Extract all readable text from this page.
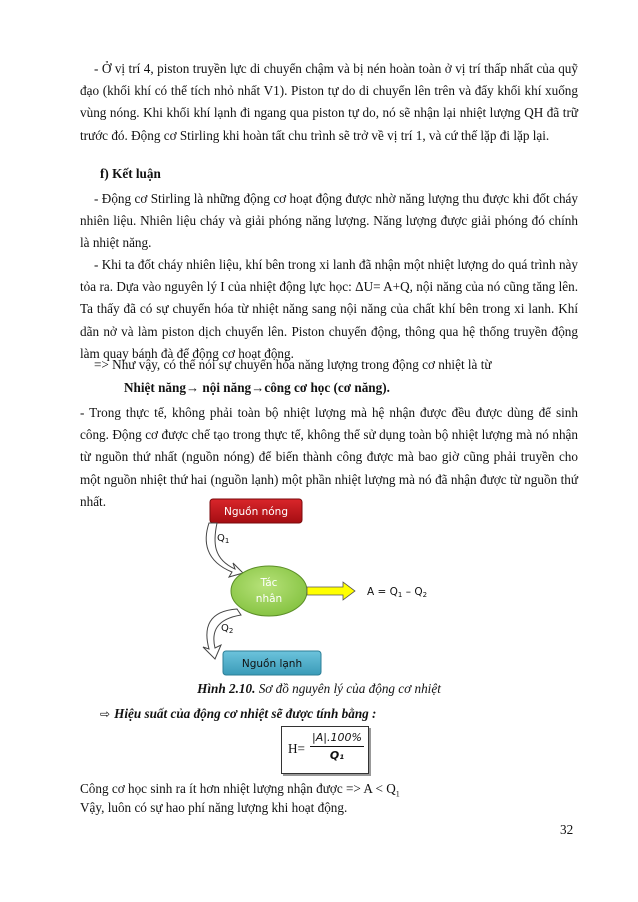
- Ở vị trí 4, piston truyền lực di chuyển chậm và bị nén hoàn toàn ở vị trí thấp nhất của quỹ đạo (khối khí có thể tích nhỏ nhất V1). Piston tự do di chuyển lên trên và đẩy khối khí xuống vùng nóng. Khi khối khí lạnh đi ngang qua piston tự do, nó sẽ nhận lại nhiệt lượng QH đã trữ trước đó. Động cơ Stirling khi hoàn tất chu trình sẽ trở về vị trí 1, và cứ thế lặp đi lặp lại.

f) Kết luận

- Động cơ Stirling là những động cơ hoạt động được nhờ năng lượng thu được khi đốt cháy nhiên liệu. Nhiên liệu cháy và giải phóng năng lượng. Năng lượng được giải phóng đó chính là nhiệt năng.

- Khi ta đốt cháy nhiên liệu, khí bên trong xi lanh đã nhận một nhiệt lượng do quá trình này tỏa ra. Dựa vào nguyên lý I của nhiệt động lực học: ΔU= A+Q, nội năng của nó cũng tăng lên. Ta thấy đã có sự chuyển hóa từ nhiệt năng sang nội năng của chất khí bên trong xi lanh. Khí dãn nở và làm piston dịch chuyển lên. Piston chuyển động, thông qua hệ thống truyền động làm quay bánh đà để động cơ hoạt động.

=> Như vậy, có thể nói sự chuyển hóa năng lượng trong động cơ nhiệt là từ

Nhiệt năng→ nội năng→công cơ học (cơ năng).

- Trong thực tế, không phải toàn bộ nhiệt lượng mà hệ nhận được đều được dùng để sinh công. Động cơ được chế tạo trong thực tế, không thể sử dụng toàn bộ nhiệt lượng mà nó nhận từ nguồn thứ nhất (nguồn nóng) để biến thành công được mà bao giờ cũng phải truyền cho một nguồn nhiệt thứ hai (nguồn lạnh) một phần nhiệt lượng mà nó đã nhận được từ nguồn thứ nhất.

Nguồn nóng
$Q_1$
Tác
nhân
A = Q1 – Q2
$Q_2$
Nguồn lạnh

Hình 2.10. Sơ đồ nguyên lý của động cơ nhiệt

⇨ Hiệu suất của động cơ nhiệt sẽ được tính bằng :

$H= \frac{|A|.100\%}{\text{Q₁}}$

Công cơ học sinh ra ít hơn nhiệt lượng nhận được => $A < Q_1$

Vậy, luôn có sự hao phí năng lượng khi hoạt động.

32
